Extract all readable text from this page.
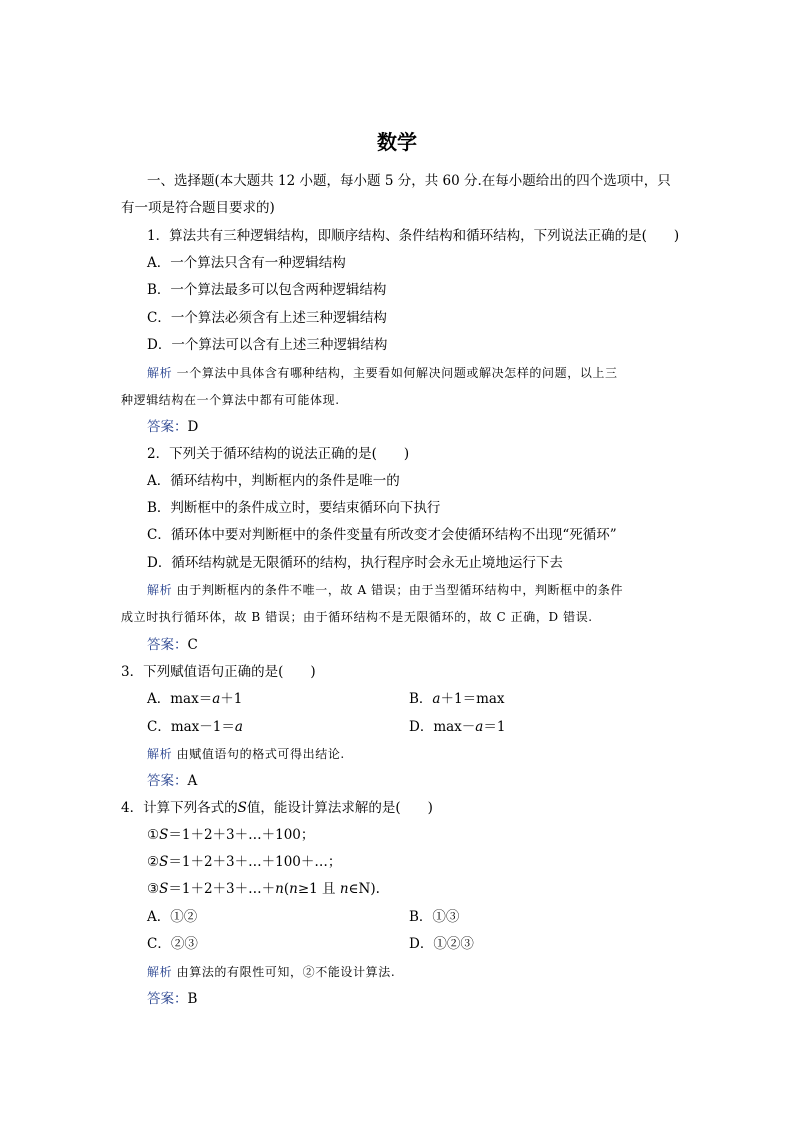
数学
一、选择题(本大题共 12 小题，每小题 5 分，共 60 分.在每小题给出的四个选项中，只
有一项是符合题目要求的)
1．算法共有三种逻辑结构，即顺序结构、条件结构和循环结构，下列说法正确的是(　　)
A．一个算法只含有一种逻辑结构
B．一个算法最多可以包含两种逻辑结构
C．一个算法必须含有上述三种逻辑结构
D．一个算法可以含有上述三种逻辑结构
解析 一个算法中具体含有哪种结构，主要看如何解决问题或解决怎样的问题，以上三
种逻辑结构在一个算法中都有可能体现.
答案：D
2．下列关于循环结构的说法正确的是(　　)
A．循环结构中，判断框内的条件是唯一的
B．判断框中的条件成立时，要结束循环向下执行
C．循环体中要对判断框中的条件变量有所改变才会使循环结构不出现“死循环”
D．循环结构就是无限循环的结构，执行程序时会永无止境地运行下去
解析 由于判断框内的条件不唯一，故 A 错误；由于当型循环结构中，判断框中的条件
成立时执行循环体，故 B 错误；由于循环结构不是无限循环的，故 C 正确，D 错误.
答案：C
3．下列赋值语句正确的是(　　)
A．max＝a＋1	B．a＋1＝max
C．max－1＝a	D．max－a＝1
解析 由赋值语句的格式可得出结论.
答案：A
4．计算下列各式的S值，能设计算法求解的是(　　)
①S＝1＋2＋3＋…＋100；
②S＝1＋2＋3＋…＋100＋…；
③S＝1＋2＋3＋…＋n(n≥1 且 n∈N).
A．①②	B．①③
C．②③	D．①②③
解析 由算法的有限性可知，②不能设计算法.
答案：B
